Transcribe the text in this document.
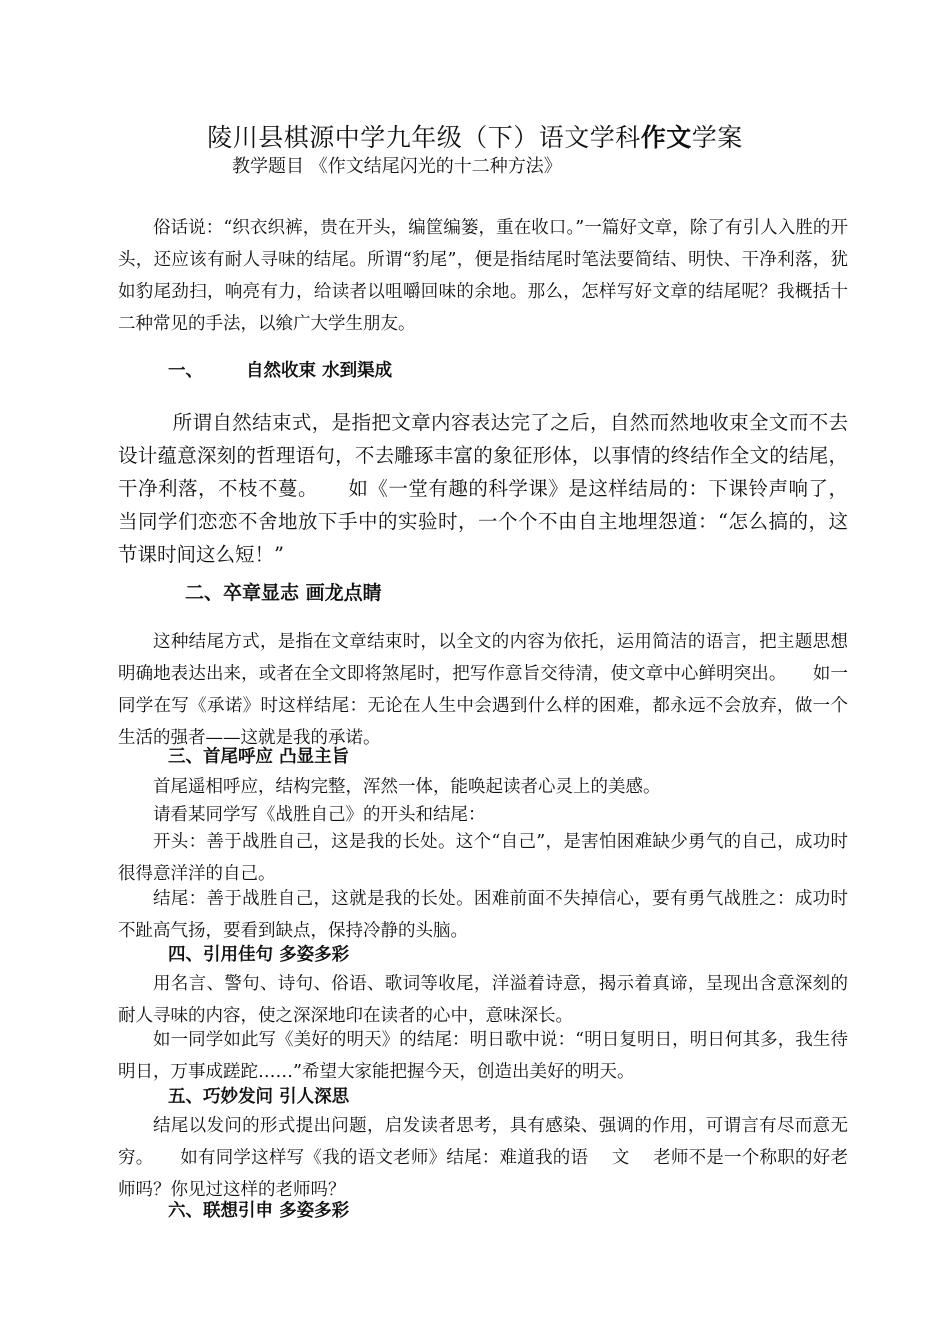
陵川县棋源中学九年级（下）语文学科作文学案
教学题目 《作文结尾闪光的十二种方法》

俗话说：“织衣织裤，贵在开头，编筐编篓，重在收口。”一篇好文章，除了有引人入胜的开头，还应该有耐人寻味的结尾。所谓“豹尾”，便是指结尾时笔法要简结、明快、干净利落，犹如豹尾劲扫，响亮有力，给读者以咀嚼回味的余地。那么，怎样写好文章的结尾呢？我概括十二种常见的手法，以飨广大学生朋友。

一、 自然收束 水到渠成

所谓自然结束式，是指把文章内容表达完了之后，自然而然地收束全文而不去设计蕴意深刻的哲理语句，不去雕琢丰富的象征形体，以事情的终结作全文的结尾，干净利落，不枝不蔓。　　如《一堂有趣的科学课》是这样结局的：下课铃声响了，当同学们恋恋不舍地放下手中的实验时，一个个不由自主地埋怨道：“怎么搞的，这节课时间这么短！”

二、卒章显志 画龙点睛

这种结尾方式，是指在文章结束时，以全文的内容为依托，运用简洁的语言，把主题思想明确地表达出来，或者在全文即将煞尾时，把写作意旨交待清，使文章中心鲜明突出。　　如一同学在写《承诺》时这样结尾：无论在人生中会遇到什么样的困难，都永远不会放弃，做一个生活的强者——这就是我的承诺。

三、首尾呼应 凸显主旨

首尾遥相呼应，结构完整，浑然一体，能唤起读者心灵上的美感。

请看某同学写《战胜自己》的开头和结尾：

开头：善于战胜自己，这是我的长处。这个“自己”，是害怕困难缺少勇气的自己，成功时很得意洋洋的自己。

结尾：善于战胜自己，这就是我的长处。困难前面不失掉信心，要有勇气战胜之：成功时不趾高气扬，要看到缺点，保持冷静的头脑。

四、引用佳句 多姿多彩

用名言、警句、诗句、俗语、歌词等收尾，洋溢着诗意，揭示着真谛，呈现出含意深刻的耐人寻味的内容，使之深深地印在读者的心中，意味深长。

如一同学如此写《美好的明天》的结尾：明日歌中说：“明日复明日，明日何其多，我生待明日，万事成蹉跎……”希望大家能把握今天，创造出美好的明天。

五、巧妙发问 引人深思

结尾以发问的形式提出问题，启发读者思考，具有感染、强调的作用，可谓言有尽而意无穷。　　如有同学这样写《我的语文老师》结尾：难道我的语　 文　 老师不是一个称职的好老师吗？你见过这样的老师吗？

六、联想引申 多姿多彩
